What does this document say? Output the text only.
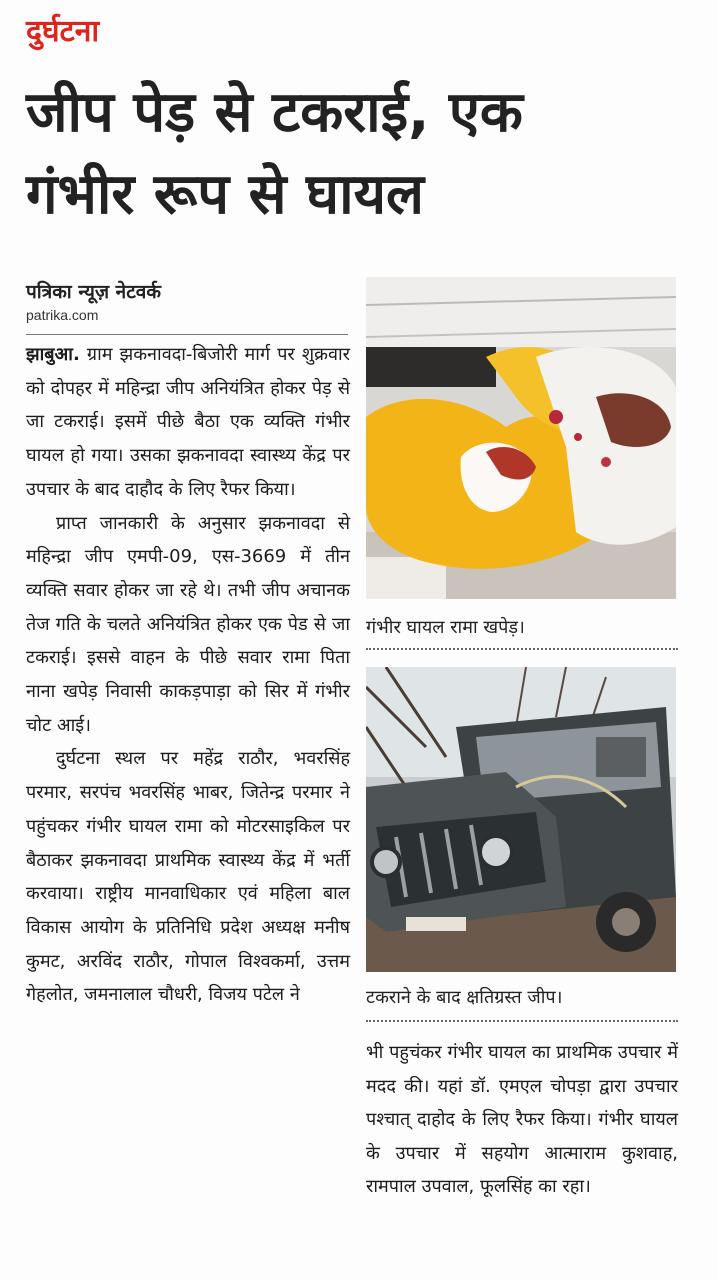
दुर्घटना
जीप पेड़ से टकराई, एक
गंभीर रूप से घायल
पत्रिका न्यूज़ नेटवर्क
patrika.com

झाबुआ. ग्राम झकनावदा-बिजोरी मार्ग पर शुक्रवार को दोपहर में महिन्द्रा जीप अनियंत्रित होकर पेड़ से जा टकराई। इसमें पीछे बैठा एक व्यक्ति गंभीर घायल हो गया। उसका झकनावदा स्वास्थ्य केंद्र पर उपचार के बाद दाहौद के लिए रैफर किया।

प्राप्त जानकारी के अनुसार झकनावदा से महिन्द्रा जीप एमपी-09, एस-3669 में तीन व्यक्ति सवार होकर जा रहे थे। तभी जीप अचानक तेज गति के चलते अनियंत्रित होकर एक पेड से जा टकराई। इससे वाहन के पीछे सवार रामा पिता नाना खपेड़ निवासी काकड़पाड़ा को सिर में गंभीर चोट आई।

दुर्घटना स्थल पर महेंद्र राठौर, भवरसिंह परमार, सरपंच भवरसिंह भाबर, जितेन्द्र परमार ने पहुंचकर गंभीर घायल रामा को मोटरसाइकिल पर बैठाकर झकनावदा प्राथमिक स्वास्थ्य केंद्र में भर्ती करवाया। राष्ट्रीय मानवाधिकार एवं महिला बाल विकास आयोग के प्रतिनिधि प्रदेश अध्यक्ष मनीष कुमट, अरविंद राठौर, गोपाल विश्वकर्मा, उत्तम गेहलोत, जमनालाल चौधरी, विजय पटेल ने

गंभीर घायल रामा खपेड़।
टकराने के बाद क्षतिग्रस्त जीप।

भी पहुचंकर गंभीर घायल का प्राथमिक उपचार में मदद की। यहां डॉ. एमएल चोपड़ा द्वारा उपचार पश्चात् दाहोद के लिए रैफर किया। गंभीर घायल के उपचार में सहयोग आत्माराम कुशवाह, रामपाल उपवाल, फूलसिंह का रहा।
